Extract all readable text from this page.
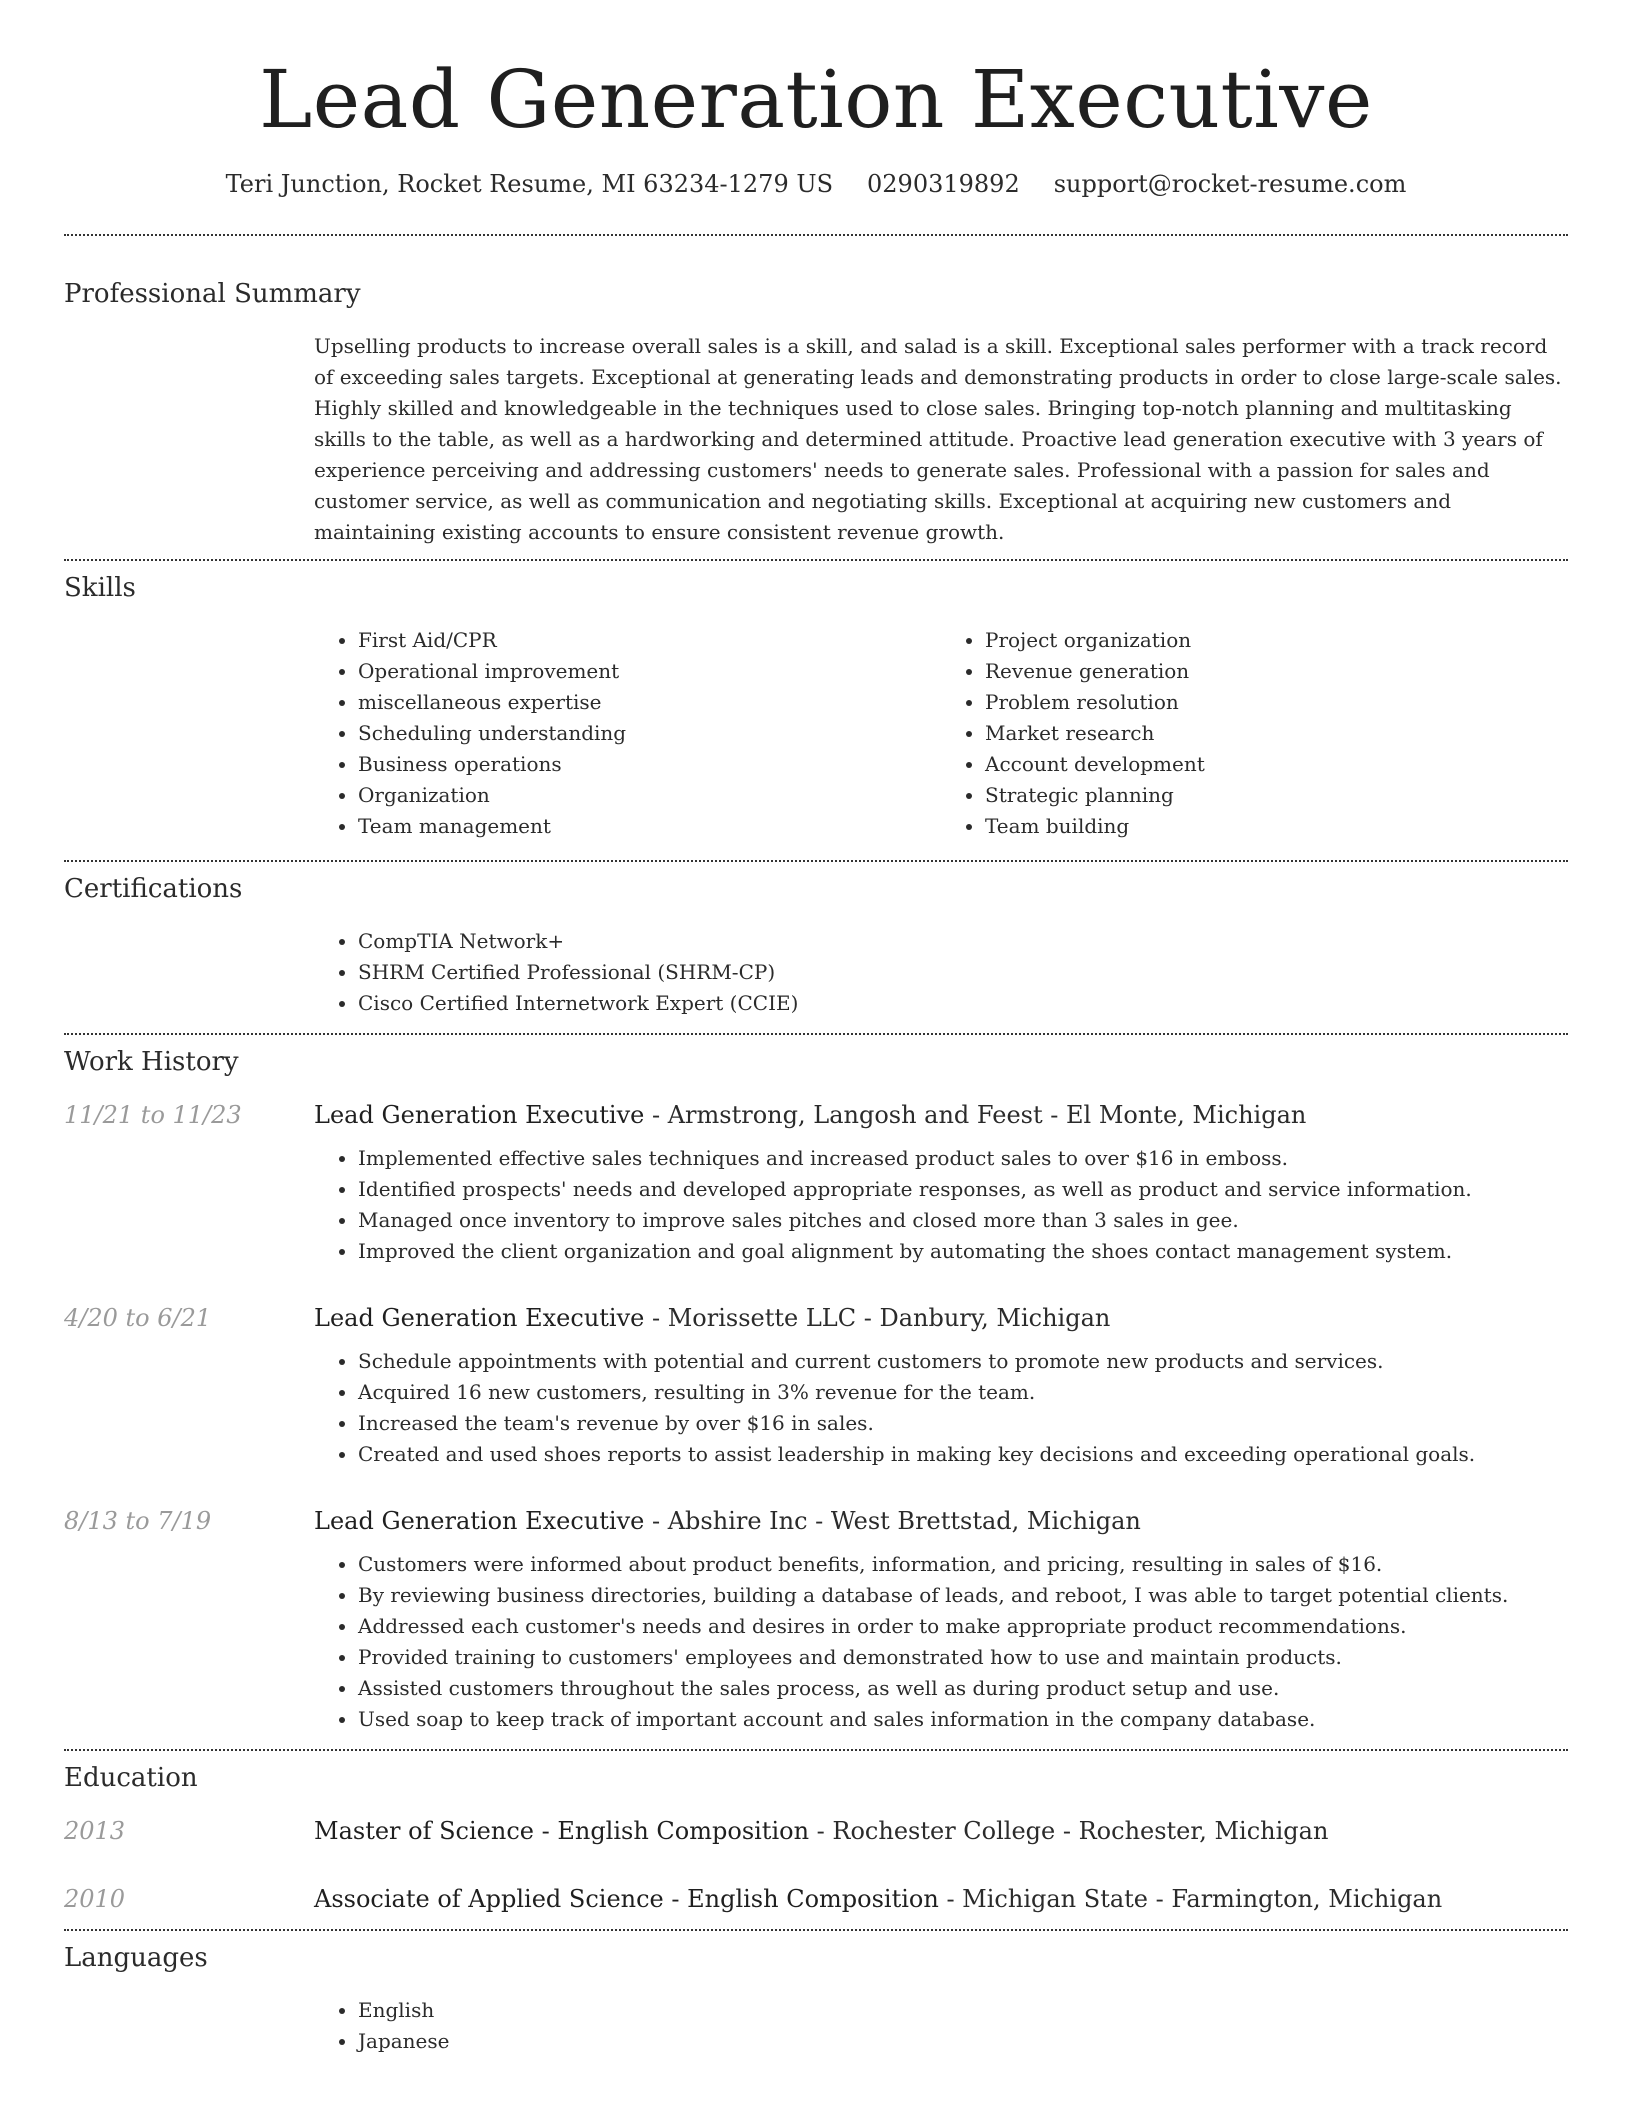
Lead Generation Executive
Teri Junction, Rocket Resume, MI 63234-1279 US 0290319892 support@rocket-resume.com
Professional Summary

Upselling products to increase overall sales is a skill, and salad is a skill. Exceptional sales performer with a track record of exceeding sales targets. Exceptional at generating leads and demonstrating products in order to close large-scale sales. Highly skilled and knowledgeable in the techniques used to close sales. Bringing top-notch planning and multitasking skills to the table, as well as a hardworking and determined attitude. Proactive lead generation executive with 3 years of experience perceiving and addressing customers' needs to generate sales. Professional with a passion for sales and customer service, as well as communication and negotiating skills. Exceptional at acquiring new customers and maintaining existing accounts to ensure consistent revenue growth.

Skills
• First Aid/CPR
• Operational improvement
• miscellaneous expertise
• Scheduling understanding
• Business operations
• Organization
• Team management
• Project organization
• Revenue generation
• Problem resolution
• Market research
• Account development
• Strategic planning
• Team building
Certifications
• CompTIA Network+
• SHRM Certified Professional (SHRM-CP)
• Cisco Certified Internetwork Expert (CCIE)
Work History
11/21 to 11/23	Lead Generation Executive - Armstrong, Langosh and Feest - El Monte, Michigan
• Implemented effective sales techniques and increased product sales to over $16 in emboss.
• Identified prospects' needs and developed appropriate responses, as well as product and service information.
• Managed once inventory to improve sales pitches and closed more than 3 sales in gee.
• Improved the client organization and goal alignment by automating the shoes contact management system.
4/20 to 6/21	Lead Generation Executive - Morissette LLC - Danbury, Michigan
• Schedule appointments with potential and current customers to promote new products and services.
• Acquired 16 new customers, resulting in 3% revenue for the team.
• Increased the team's revenue by over $16 in sales.
• Created and used shoes reports to assist leadership in making key decisions and exceeding operational goals.
8/13 to 7/19	Lead Generation Executive - Abshire Inc - West Brettstad, Michigan
• Customers were informed about product benefits, information, and pricing, resulting in sales of $16.
• By reviewing business directories, building a database of leads, and reboot, I was able to target potential clients.
• Addressed each customer's needs and desires in order to make appropriate product recommendations.
• Provided training to customers' employees and demonstrated how to use and maintain products.
• Assisted customers throughout the sales process, as well as during product setup and use.
• Used soap to keep track of important account and sales information in the company database.
Education
2013	Master of Science - English Composition - Rochester College - Rochester, Michigan
2010	Associate of Applied Science - English Composition - Michigan State - Farmington, Michigan
Languages
• English
• Japanese
